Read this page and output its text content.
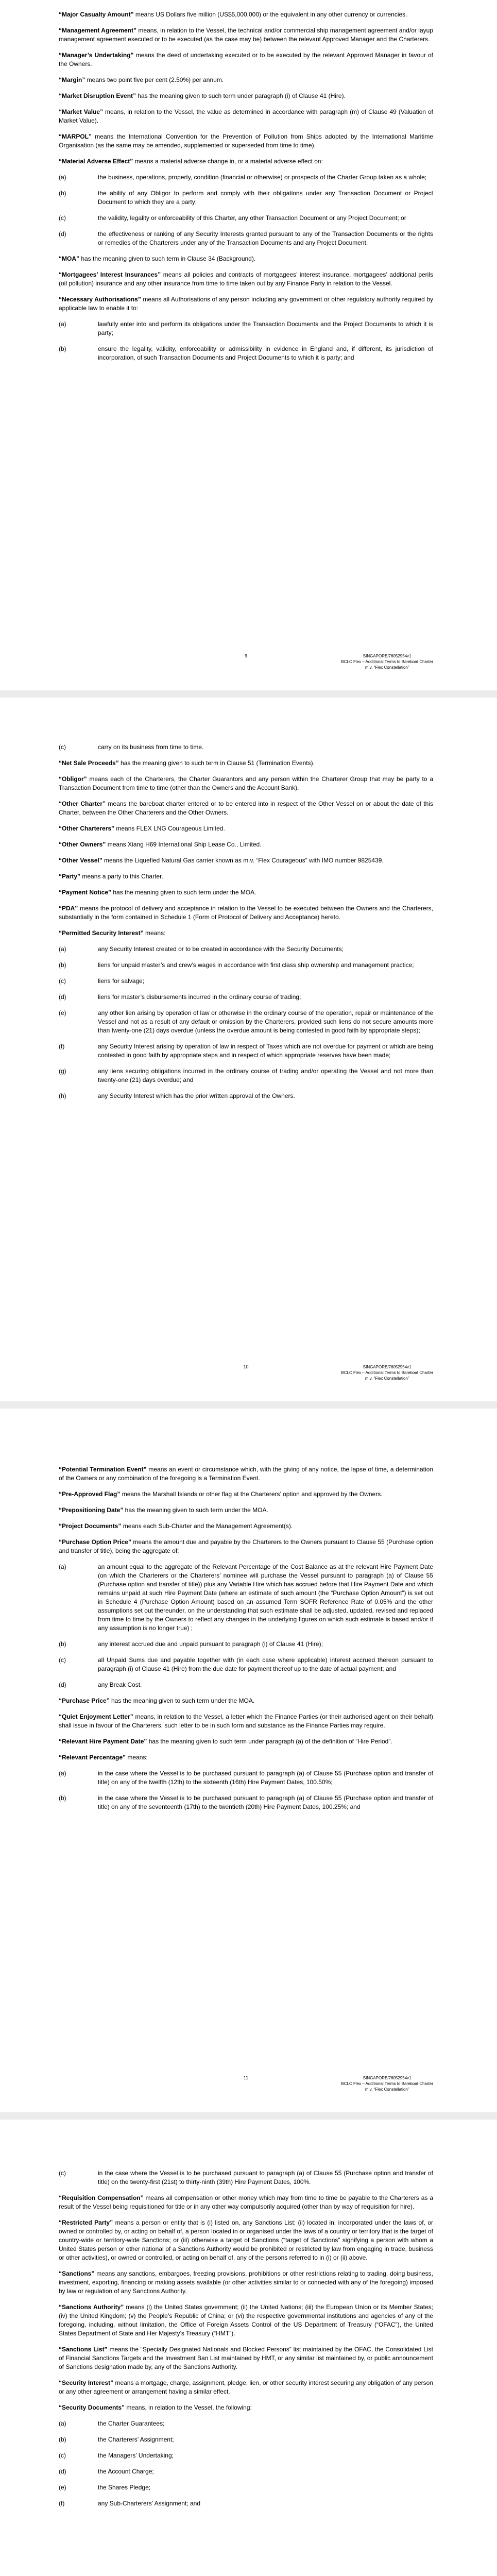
“Major Casualty Amount” means US Dollars five million (US$5,000,000) or the equivalent in any other currency or currencies.

“Management Agreement” means, in relation to the Vessel, the technical and/or commercial ship management agreement and/or layup management agreement executed or to be executed (as the case may be) between the relevant Approved Manager and the Charterers.

“Manager’s Undertaking” means the deed of undertaking executed or to be executed by the relevant Approved Manager in favour of the Owners.

“Margin” means two point five per cent (2.50%) per annum.

“Market Disruption Event” has the meaning given to such term under paragraph (i) of Clause 41 (Hire).

“Market Value” means, in relation to the Vessel, the value as determined in accordance with paragraph (m) of Clause 49 (Valuation of Market Value).

“MARPOL” means the International Convention for the Prevention of Pollution from Ships adopted by the International Maritime Organisation (as the same may be amended, supplemented or superseded from time to time).

“Material Adverse Effect” means a material adverse change in, or a material adverse effect on:

(a)	the business, operations, property, condition (financial or otherwise) or prospects of the Charter Group taken as a whole;
(b)	the ability of any Obligor to perform and comply with their obligations under any Transaction Document or Project Document to which they are a party;
(c)	the validity, legality or enforceability of this Charter, any other Transaction Document or any Project Document; or
(d)	the effectiveness or ranking of any Security Interests granted pursuant to any of the Transaction Documents or the rights or remedies of the Charterers under any of the Transaction Documents and any Project Document.

“MOA” has the meaning given to such term in Clause 34 (Background).

“Mortgagees’ Interest Insurances” means all policies and contracts of mortgagees’ interest insurance, mortgagees’ additional perils (oil pollution) insurance and any other insurance from time to time taken out by any Finance Party in relation to the Vessel.

“Necessary Authorisations” means all Authorisations of any person including any government or other regulatory authority required by applicable law to enable it to:

(a)	lawfully enter into and perform its obligations under the Transaction Documents and the Project Documents to which it is party;
(b)	ensure the legality, validity, enforceability or admissibility in evidence in England and, if different, its jurisdiction of incorporation, of such Transaction Documents and Project Documents to which it is party; and
9	SINGAPORE/76052954v1
BCLC Flex – Additional Terms to Bareboat Charter
m.v. “Flex Constellation”
(c)	carry on its business from time to time.

“Net Sale Proceeds” has the meaning given to such term in Clause 51 (Termination Events).

“Obligor” means each of the Charterers, the Charter Guarantors and any person within the Charterer Group that may be party to a Transaction Document from time to time (other than the Owners and the Account Bank).

“Other Charter” means the bareboat charter entered or to be entered into in respect of the Other Vessel on or about the date of this Charter, between the Other Charterers and the Other Owners.

“Other Charterers” means FLEX LNG Courageous Limited.

“Other Owners” means Xiang H69 International Ship Lease Co., Limited.

“Other Vessel” means the Liquefied Natural Gas carrier known as m.v. “Flex Courageous” with IMO number 9825439.

“Party” means a party to this Charter.

“Payment Notice” has the meaning given to such term under the MOA.

“PDA” means the protocol of delivery and acceptance in relation to the Vessel to be executed between the Owners and the Charterers, substantially in the form contained in Schedule 1 (Form of Protocol of Delivery and Acceptance) hereto.

“Permitted Security Interest” means:

(a)	any Security Interest created or to be created in accordance with the Security Documents;
(b)	liens for unpaid master’s and crew’s wages in accordance with first class ship ownership and management practice;
(c)	liens for salvage;
(d)	liens for master’s disbursements incurred in the ordinary course of trading;
(e)	any other lien arising by operation of law or otherwise in the ordinary course of the operation, repair or maintenance of the Vessel and not as a result of any default or omission by the Charterers, provided such liens do not secure amounts more than twenty-one (21) days overdue (unless the overdue amount is being contested in good faith by appropriate steps);
(f)	any Security Interest arising by operation of law in respect of Taxes which are not overdue for payment or which are being contested in good faith by appropriate steps and in respect of which appropriate reserves have been made;
(g)	any liens securing obligations incurred in the ordinary course of trading and/or operating the Vessel and not more than twenty-one (21) days overdue; and
(h)	any Security Interest which has the prior written approval of the Owners.
10	SINGAPORE/76052954v1
BCLC Flex – Additional Terms to Bareboat Charter
m.v. “Flex Constellation”

“Potential Termination Event” means an event or circumstance which, with the giving of any notice, the lapse of time, a determination of the Owners or any combination of the foregoing is a Termination Event.

“Pre-Approved Flag” means the Marshall Islands or other flag at the Charterers’ option and approved by the Owners.

“Prepositioning Date” has the meaning given to such term under the MOA.

“Project Documents” means each Sub-Charter and the Management Agreement(s).

“Purchase Option Price” means the amount due and payable by the Charterers to the Owners pursuant to Clause 55 (Purchase option and transfer of title), being the aggregate of:

(a)	an amount equal to the aggregate of the Relevant Percentage of the Cost Balance as at the relevant Hire Payment Date (on which the Charterers or the Charterers’ nominee will purchase the Vessel pursuant to paragraph (a) of Clause 55 (Purchase option and transfer of title)) plus any Variable Hire which has accrued before that Hire Payment Date and which remains unpaid at such Hire Payment Date (where an estimate of such amount (the “Purchase Option Amount”) is set out in Schedule 4 (Purchase Option Amount) based on an assumed Term SOFR Reference Rate of 0.05% and the other assumptions set out thereunder, on the understanding that such estimate shall be adjusted, updated, revised and replaced from time to time by the Owners to reflect any changes in the underlying figures on which such estimate is based and/or if any assumption is no longer true) ;
(b)	any interest accrued due and unpaid pursuant to paragraph (i) of Clause 41 (Hire);
(c)	all Unpaid Sums due and payable together with (in each case where applicable) interest accrued thereon pursuant to paragraph (i) of Clause 41 (Hire) from the due date for payment thereof up to the date of actual payment; and
(d)	any Break Cost.

“Purchase Price” has the meaning given to such term under the MOA.

“Quiet Enjoyment Letter” means, in relation to the Vessel, a letter which the Finance Parties (or their authorised agent on their behalf) shall issue in favour of the Charterers, such letter to be in such form and substance as the Finance Parties may require.

“Relevant Hire Payment Date” has the meaning given to such term under paragraph (a) of the definition of “Hire Period”.

“Relevant Percentage” means:

(a)	in the case where the Vessel is to be purchased pursuant to paragraph (a) of Clause 55 (Purchase option and transfer of title) on any of the twelfth (12th) to the sixteenth (16th) Hire Payment Dates, 100.50%;
(b)	in the case where the Vessel is to be purchased pursuant to paragraph (a) of Clause 55 (Purchase option and transfer of title) on any of the seventeenth (17th) to the twentieth (20th) Hire Payment Dates, 100.25%; and
11	SINGAPORE/76052954v1
BCLC Flex – Additional Terms to Bareboat Charter
m.v. “Flex Constellation”
(c)	in the case where the Vessel is to be purchased pursuant to paragraph (a) of Clause 55 (Purchase option and transfer of title) on the twenty-first (21st) to thirty-ninth (39th) Hire Payment Dates, 100%.

“Requisition Compensation” means all compensation or other money which may from time to time be payable to the Charterers as a result of the Vessel being requisitioned for title or in any other way compulsorily acquired (other than by way of requisition for hire).

“Restricted Party” means a person or entity that is (i) listed on, any Sanctions List; (ii) located in, incorporated under the laws of, or owned or controlled by, or acting on behalf of, a person located in or organised under the laws of a country or territory that is the target of country-wide or territory-wide Sanctions; or (iii) otherwise a target of Sanctions (“target of Sanctions” signifying a person with whom a United States person or other national of a Sanctions Authority would be prohibited or restricted by law from engaging in trade, business or other activities), or owned or controlled, or acting on behalf of, any of the persons referred to in (i) or (ii) above.

“Sanctions” means any sanctions, embargoes, freezing provisions, prohibitions or other restrictions relating to trading, doing business, investment, exporting, financing or making assets available (or other activities similar to or connected with any of the foregoing) imposed by law or regulation of any Sanctions Authority.

“Sanctions Authority” means (i) the United States government; (ii) the United Nations; (iii) the European Union or its Member States; (iv) the United Kingdom; (v) the People’s Republic of China; or (vi) the respective governmental institutions and agencies of any of the foregoing, including, without limitation, the Office of Foreign Assets Control of the US Department of Treasury (“OFAC”), the United States Department of State and Her Majesty’s Treasury (“HMT”).

“Sanctions List” means the “Specially Designated Nationals and Blocked Persons” list maintained by the OFAC, the Consolidated List of Financial Sanctions Targets and the Investment Ban List maintained by HMT, or any similar list maintained by, or public announcement of Sanctions designation made by, any of the Sanctions Authority.

“Security Interest” means a mortgage, charge, assignment, pledge, lien, or other security interest securing any obligation of any person or any other agreement or arrangement having a similar effect.

“Security Documents” means, in relation to the Vessel, the following:

(a)	the Charter Guarantees;
(b)	the Charterers’ Assignment;
(c)	the Managers’ Undertaking;
(d)	the Account Charge;
(e)	the Shares Pledge;
(f)	any Sub-Charterers’ Assignment; and
